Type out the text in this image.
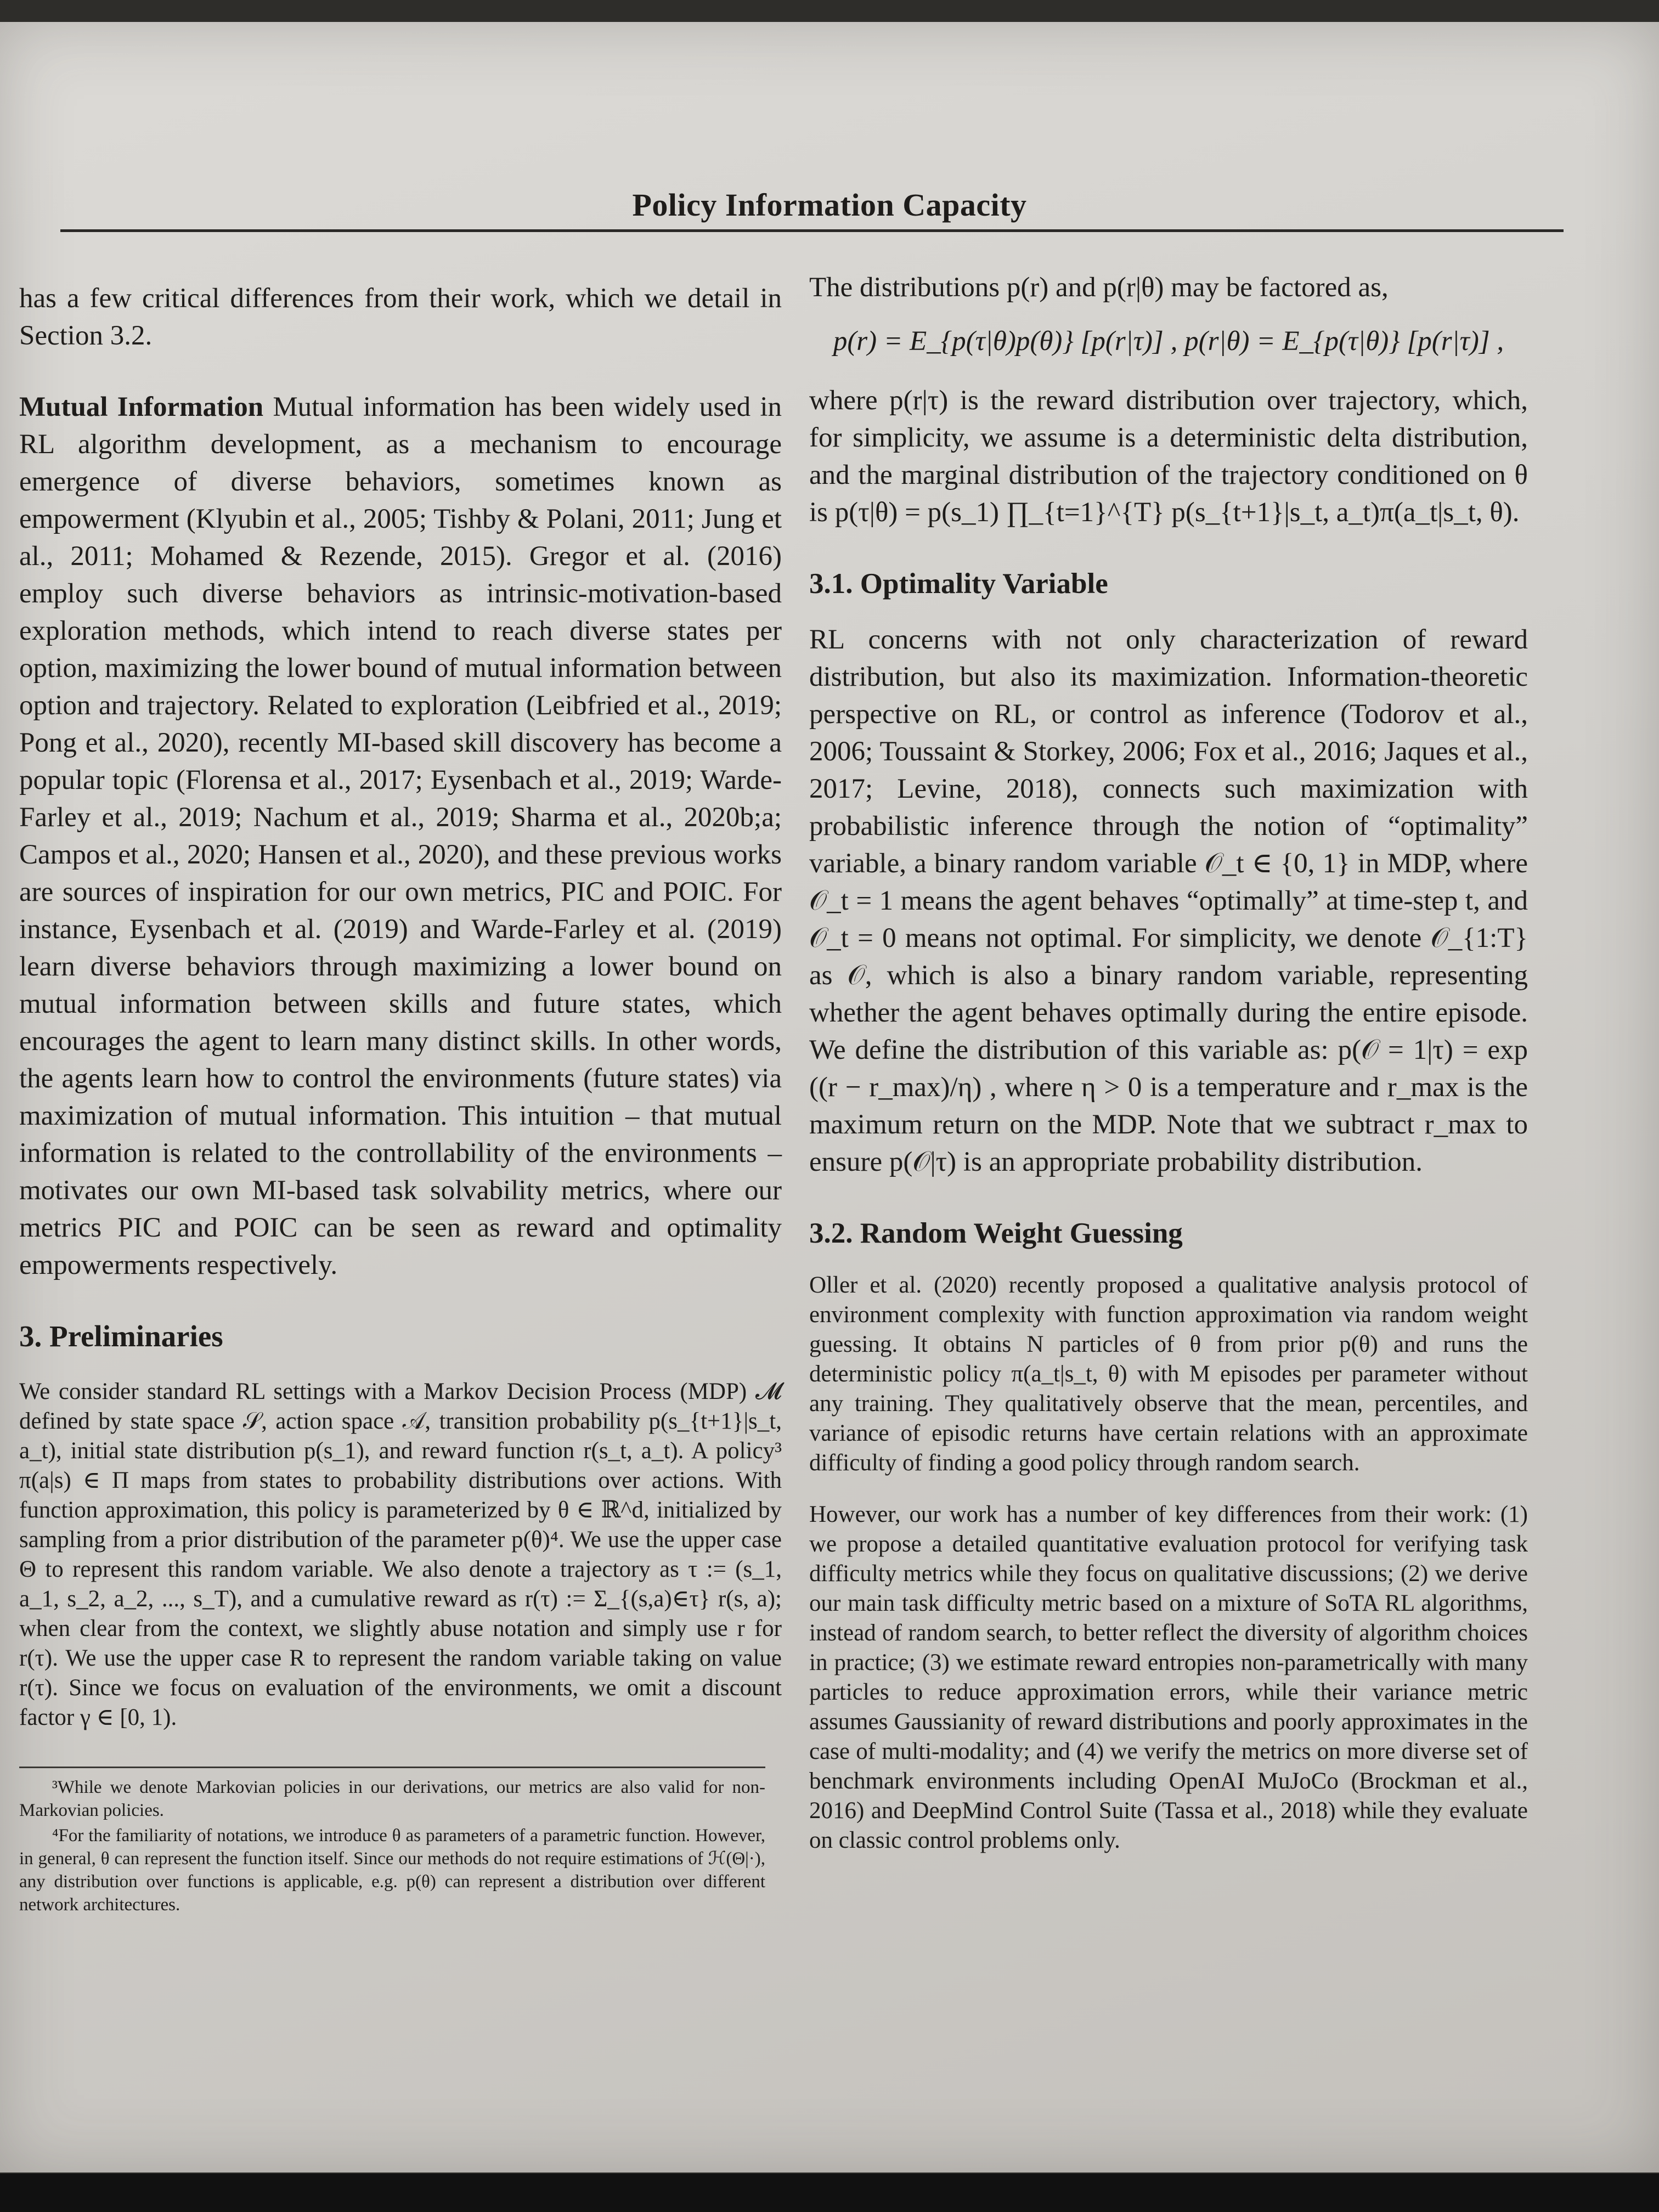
Policy Information Capacity

has a few critical differences from their work, which we detail in Section 3.2.

Mutual Information Mutual information has been widely used in RL algorithm development, as a mechanism to encourage emergence of diverse behaviors, sometimes known as empowerment (Klyubin et al., 2005; Tishby & Polani, 2011; Jung et al., 2011; Mohamed & Rezende, 2015). Gregor et al. (2016) employ such diverse behaviors as intrinsic-motivation-based exploration methods, which intend to reach diverse states per option, maximizing the lower bound of mutual information between option and trajectory. Related to exploration (Leibfried et al., 2019; Pong et al., 2020), recently MI-based skill discovery has become a popular topic (Florensa et al., 2017; Eysenbach et al., 2019; Warde-Farley et al., 2019; Nachum et al., 2019; Sharma et al., 2020b;a; Campos et al., 2020; Hansen et al., 2020), and these previous works are sources of inspiration for our own metrics, PIC and POIC. For instance, Eysenbach et al. (2019) and Warde-Farley et al. (2019) learn diverse behaviors through maximizing a lower bound on mutual information between skills and future states, which encourages the agent to learn many distinct skills. In other words, the agents learn how to control the environments (future states) via maximization of mutual information. This intuition – that mutual information is related to the controllability of the environments – motivates our own MI-based task solvability metrics, where our metrics PIC and POIC can be seen as reward and optimality empowerments respectively.

3. Preliminaries

We consider standard RL settings with a Markov Decision Process (MDP) 𝓜 defined by state space 𝒮, action space 𝒜, transition probability p(s_{t+1}|s_t, a_t), initial state distribution p(s_1), and reward function r(s_t, a_t). A policy³ π(a|s) ∈ Π maps from states to probability distributions over actions. With function approximation, this policy is parameterized by θ ∈ ℝ^d, initialized by sampling from a prior distribution of the parameter p(θ)⁴. We use the upper case Θ to represent this random variable. We also denote a trajectory as τ := (s_1, a_1, s_2, a_2, ..., s_T), and a cumulative reward as r(τ) := Σ_{(s,a)∈τ} r(s, a); when clear from the context, we slightly abuse notation and simply use r for r(τ). We use the upper case R to represent the random variable taking on value r(τ). Since we focus on evaluation of the environments, we omit a discount factor γ ∈ [0, 1).

³While we denote Markovian policies in our derivations, our metrics are also valid for non-Markovian policies.

⁴For the familiarity of notations, we introduce θ as parameters of a parametric function. However, in general, θ can represent the function itself. Since our methods do not require estimations of ℋ(Θ|·), any distribution over functions is applicable, e.g. p(θ) can represent a distribution over different network architectures.

The distributions p(r) and p(r|θ) may be factored as,

p(r) = E_{p(τ|θ)p(θ)} [p(r|τ)] , p(r|θ) = E_{p(τ|θ)} [p(r|τ)] ,

where p(r|τ) is the reward distribution over trajectory, which, for simplicity, we assume is a deterministic delta distribution, and the marginal distribution of the trajectory conditioned on θ is p(τ|θ) = p(s_1) ∏_{t=1}^{T} p(s_{t+1}|s_t, a_t)π(a_t|s_t, θ).

3.1. Optimality Variable

RL concerns with not only characterization of reward distribution, but also its maximization. Information-theoretic perspective on RL, or control as inference (Todorov et al., 2006; Toussaint & Storkey, 2006; Fox et al., 2016; Jaques et al., 2017; Levine, 2018), connects such maximization with probabilistic inference through the notion of “optimality” variable, a binary random variable 𝒪_t ∈ {0, 1} in MDP, where 𝒪_t = 1 means the agent behaves “optimally” at time-step t, and 𝒪_t = 0 means not optimal. For simplicity, we denote 𝒪_{1:T} as 𝒪, which is also a binary random variable, representing whether the agent behaves optimally during the entire episode. We define the distribution of this variable as: p(𝒪 = 1|τ) = exp ((r − r_max)/η) , where η > 0 is a temperature and r_max is the maximum return on the MDP. Note that we subtract r_max to ensure p(𝒪|τ) is an appropriate probability distribution.

3.2. Random Weight Guessing

Oller et al. (2020) recently proposed a qualitative analysis protocol of environment complexity with function approximation via random weight guessing. It obtains N particles of θ from prior p(θ) and runs the deterministic policy π(a_t|s_t, θ) with M episodes per parameter without any training. They qualitatively observe that the mean, percentiles, and variance of episodic returns have certain relations with an approximate difficulty of finding a good policy through random search.

However, our work has a number of key differences from their work: (1) we propose a detailed quantitative evaluation protocol for verifying task difficulty metrics while they focus on qualitative discussions; (2) we derive our main task difficulty metric based on a mixture of SoTA RL algorithms, instead of random search, to better reflect the diversity of algorithm choices in practice; (3) we estimate reward entropies non-parametrically with many particles to reduce approximation errors, while their variance metric assumes Gaussianity of reward distributions and poorly approximates in the case of multi-modality; and (4) we verify the metrics on more diverse set of benchmark environments including OpenAI MuJoCo (Brockman et al., 2016) and DeepMind Control Suite (Tassa et al., 2018) while they evaluate on classic control problems only.
